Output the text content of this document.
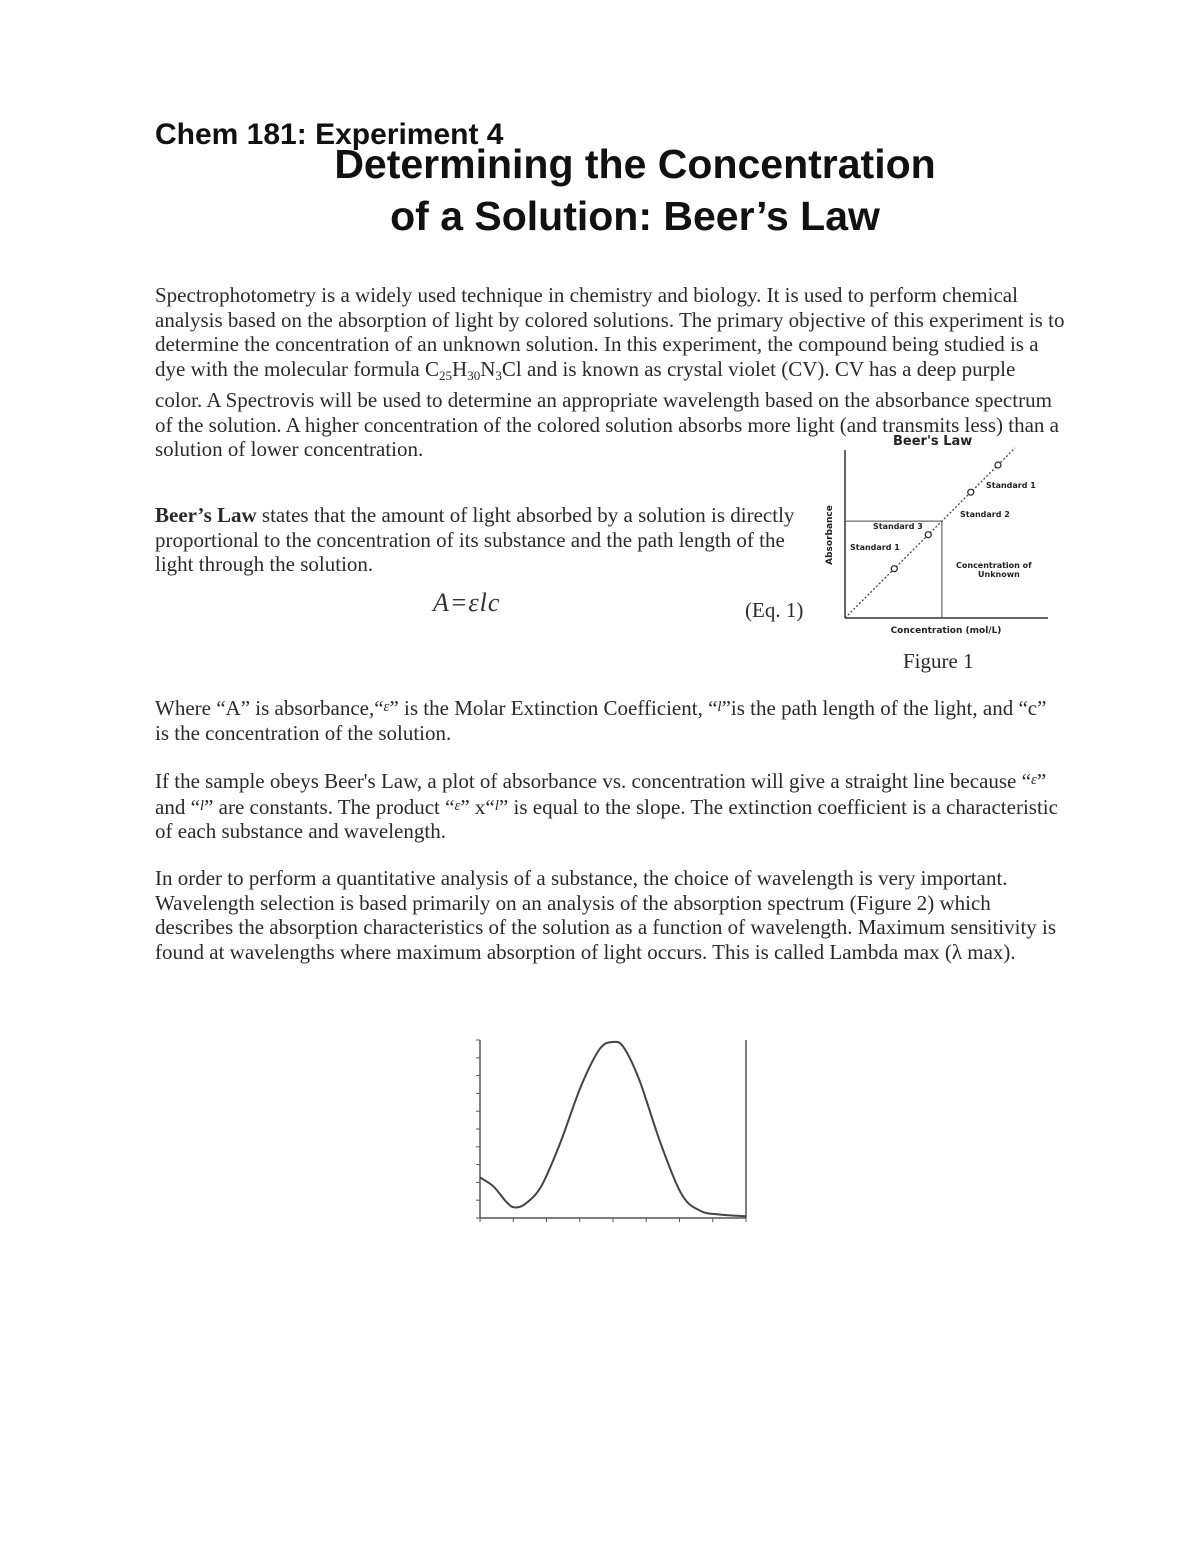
Chem 181: Experiment 4
Determining the Concentration
of a Solution: Beer’s Law
Spectrophotometry is a widely used technique in chemistry and biology. It is used to perform chemical analysis based on the absorption of light by colored solutions. The primary objective of this experiment is to determine the concentration of an unknown solution. In this experiment, the compound being studied is a dye with the molecular formula $C_{25}H_{30}N_3Cl$ and is known as crystal violet (CV). CV has a deep purple color. A Spectrovis will be used to determine an appropriate wavelength based on the absorbance spectrum of the solution. A higher concentration of the colored solution absorbs more light (and transmits less) than a solution of lower concentration.
Beer’s Law states that the amount of light absorbed by a solution is directly proportional to the concentration of its substance and the path length of the light through the solution.
A=εlc	(Eq. 1)
Beer's Law
Absorbance
Concentration (mol/L)
Standard 1
Standard 2
Standard 3
Standard 1
Concentration of
Unknown
Figure 1
Where “A” is absorbance,“ε” is the Molar Extinction Coefficient, “l”is the path length of the light, and “c” is the concentration of the solution.
If the sample obeys Beer's Law, a plot of absorbance vs. concentration will give a straight line because “ε” and “l” are constants. The product “ε” x“l” is equal to the slope. The extinction coefficient is a characteristic of each substance and wavelength.
In order to perform a quantitative analysis of a substance, the choice of wavelength is very important. Wavelength selection is based primarily on an analysis of the absorption spectrum (Figure 2) which describes the absorption characteristics of the solution as a function of wavelength. Maximum sensitivity is found at wavelengths where maximum absorption of light occurs. This is called Lambda max (λ max).
